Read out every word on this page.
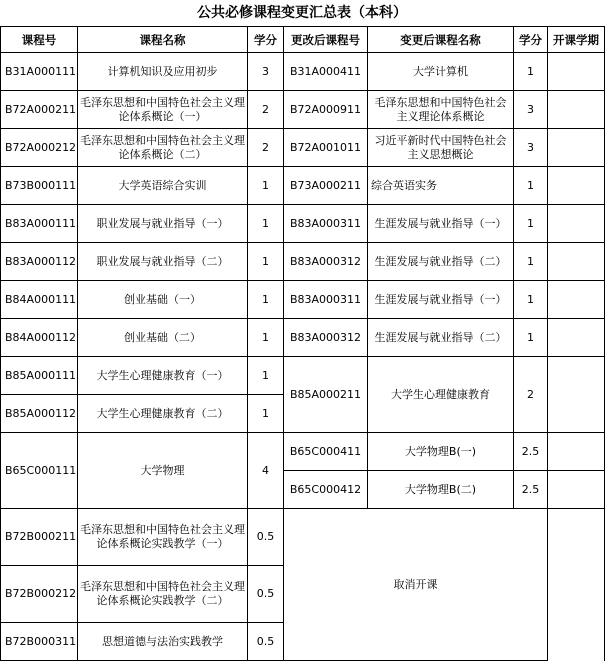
公共必修课程变更汇总表（本科）
课程号	课程名称	学分	更改后课程号	变更后课程名称	学分	开课学期
B31A000111	计算机知识及应用初步	3	B31A000411	大学计算机	1	
B72A000211	毛泽东思想和中国特色社会主义理论体系概论（一）	2	B72A000911	毛泽东思想和中国特色社会主义理论体系概论	3	
B72A000212	毛泽东思想和中国特色社会主义理论体系概论（二）	2	B72A001011	习近平新时代中国特色社会主义思想概论	3	
B73B000111	大学英语综合实训	1	B73A000211	综合英语实务	1	
B83A000111	职业发展与就业指导（一）	1	B83A000311	生涯发展与就业指导（一）	1	
B83A000112	职业发展与就业指导（二）	1	B83A000312	生涯发展与就业指导（二）	1	
B84A000111	创业基础（一）	1	B83A000311	生涯发展与就业指导（一）	1	
B84A000112	创业基础（二）	1	B83A000312	生涯发展与就业指导（二）	1	
B85A000111	大学生心理健康教育（一）	1	B85A000211	大学生心理健康教育	2	
B85A000112	大学生心理健康教育（二）	1				
B65C000111	大学物理	4	B65C000411	大学物理B(一)	2.5	
			B65C000412	大学物理B(二)	2.5	
B72B000211	毛泽东思想和中国特色社会主义理论体系概论实践教学（一）	0.5	取消开课			
B72B000212	毛泽东思想和中国特色社会主义理论体系概论实践教学（二）	0.5				
B72B000311	思想道德与法治实践教学	0.5				
